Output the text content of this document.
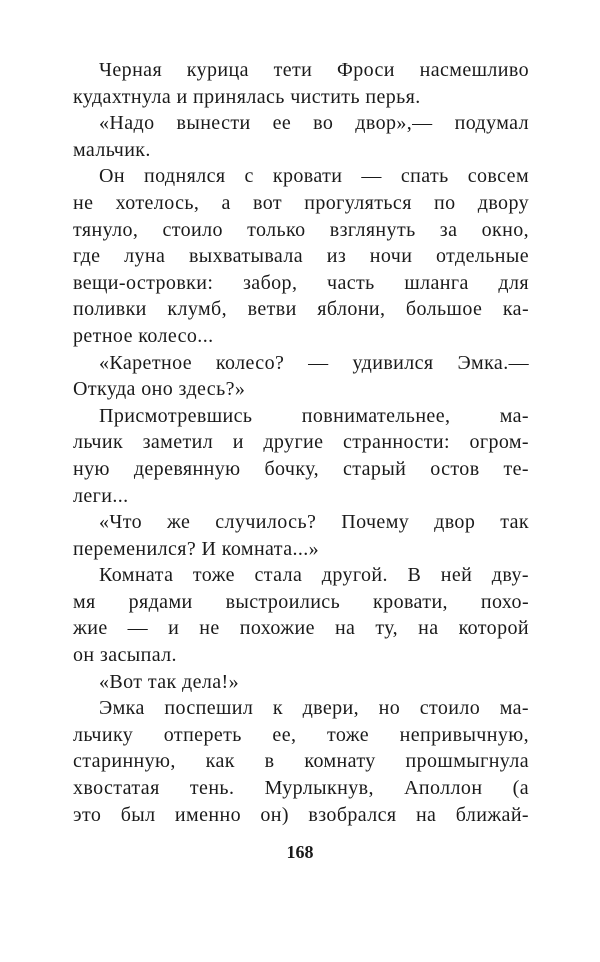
Черная курица тети Фроси насмешливо
кудахтнула и принялась чистить перья.
«Надо вынести ее во двор»,— подумал
мальчик.
Он поднялся с кровати — спать совсем
не хотелось, а вот прогуляться по двору
тянуло, стоило только взглянуть за окно,
где луна выхватывала из ночи отдельные
вещи-островки: забор, часть шланга для
поливки клумб, ветви яблони, большое ка-
ретное колесо...
«Каретное колесо? — удивился Эмка.—
Откуда оно здесь?»
Присмотревшись повнимательнее, ма-
льчик заметил и другие странности: огром-
ную деревянную бочку, старый остов те-
леги...
«Что же случилось? Почему двор так
переменился? И комната...»
Комната тоже стала другой. В ней дву-
мя рядами выстроились кровати, похо-
жие — и не похожие на ту, на которой
он засыпал.
«Вот так дела!»
Эмка поспешил к двери, но стоило ма-
льчику отпереть ее, тоже непривычную,
старинную, как в комнату прошмыгнула
хвостатая тень. Мурлыкнув, Аполлон (а
это был именно он) взобрался на ближай-
168
